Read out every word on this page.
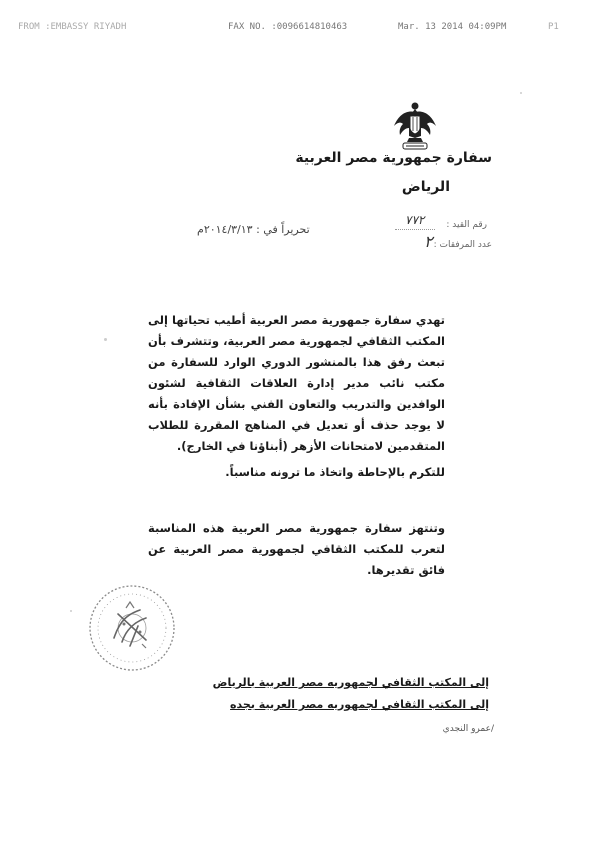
FROM :EMBASSY RIYADH	FAX NO. :0096614810463	Mar. 13 2014 04:09PM	P1
سفارة جمهورية مصر العربية
الرياض
رقم القيد :
٧٧٢
عدد المرفقات :
٢
تحريراً في : ٢٠١٤/٣/١٣م
تهدي سفارة جمهورية مصر العربية أطيب تحياتها إلى المكتب الثقافي لجمهورية مصر العربية، وتتشرف بأن تبعث رفق هذا بالمنشور الدوري الوارد للسفارة من مكتب نائب مدير إدارة العلاقات الثقافية لشئون الوافدين والتدريب والتعاون الفني بشأن الإفادة بأنه لا يوجد حذف أو تعديل في المناهج المقررة للطلاب المتقدمين لامتحانات الأزهر (أبناؤنا في الخارج).
للتكرم بالإحاطة واتخاذ ما ترونه مناسباً.
وتنتهز سفارة جمهورية مصر العربية هذه المناسبة لتعرب للمكتب الثقافي لجمهورية مصر العربية عن فائق تقديرها.
إلى المكتب الثقافي لجمهوريه مصر العربية بالرياض
إلى المكتب الثقافي لجمهوريه مصر العربية بجده
/عمرو النجدي
